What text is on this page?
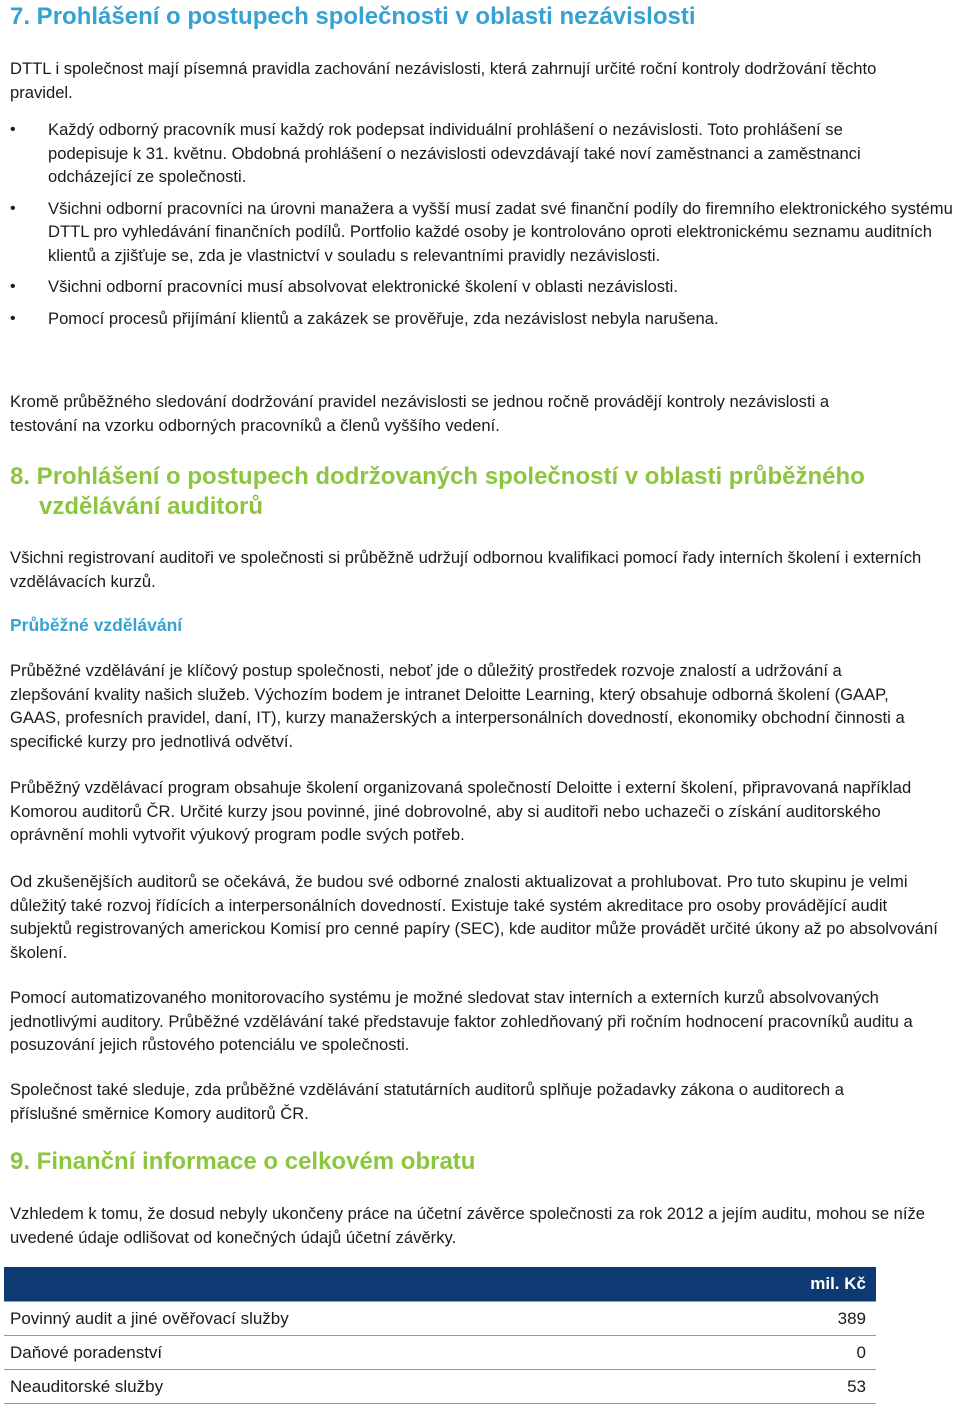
7. Prohlášení o postupech společnosti v oblasti nezávislosti

DTTL i společnost mají písemná pravidla zachování nezávislosti, která zahrnují určité roční kontroly dodržování těchto pravidel.

• Každý odborný pracovník musí každý rok podepsat individuální prohlášení o nezávislosti. Toto prohlášení se podepisuje k 31. květnu. Obdobná prohlášení o nezávislosti odevzdávají také noví zaměstnanci a zaměstnanci odcházející ze společnosti.
• Všichni odborní pracovníci na úrovni manažera a vyšší musí zadat své finanční podíly do firemního elektronického systému DTTL pro vyhledávání finančních podílů. Portfolio každé osoby je kontrolováno oproti elektronickému seznamu auditních klientů a zjišťuje se, zda je vlastnictví v souladu s relevantními pravidly nezávislosti.
• Všichni odborní pracovníci musí absolvovat elektronické školení v oblasti nezávislosti.
• Pomocí procesů přijímání klientů a zakázek se prověřuje, zda nezávislost nebyla narušena.

Kromě průběžného sledování dodržování pravidel nezávislosti se jednou ročně provádějí kontroly nezávislosti a testování na vzorku odborných pracovníků a členů vyššího vedení.

8. Prohlášení o postupech dodržovaných společností v oblasti průběžného
vzdělávání auditorů

Všichni registrovaní auditoři ve společnosti si průběžně udržují odbornou kvalifikaci pomocí řady interních školení i externích vzdělávacích kurzů.

Průběžné vzdělávání

Průběžné vzdělávání je klíčový postup společnosti, neboť jde o důležitý prostředek rozvoje znalostí a udržování a zlepšování kvality našich služeb. Výchozím bodem je intranet Deloitte Learning, který obsahuje odborná školení (GAAP, GAAS, profesních pravidel, daní, IT), kurzy manažerských a interpersonálních dovedností, ekonomiky obchodní činnosti a specifické kurzy pro jednotlivá odvětví.

Průběžný vzdělávací program obsahuje školení organizovaná společností Deloitte i externí školení, připravovaná například Komorou auditorů ČR. Určité kurzy jsou povinné, jiné dobrovolné, aby si auditoři nebo uchazeči o získání auditorského oprávnění mohli vytvořit výukový program podle svých potřeb.

Od zkušenějších auditorů se očekává, že budou své odborné znalosti aktualizovat a prohlubovat. Pro tuto skupinu je velmi důležitý také rozvoj řídících a interpersonálních dovedností. Existuje také systém akreditace pro osoby provádějící audit subjektů registrovaných americkou Komisí pro cenné papíry (SEC), kde auditor může provádět určité úkony až po absolvování školení.

Pomocí automatizovaného monitorovacího systému je možné sledovat stav interních a externích kurzů absolvovaných jednotlivými auditory. Průběžné vzdělávání také představuje faktor zohledňovaný při ročním hodnocení pracovníků auditu a posuzování jejich růstového potenciálu ve společnosti.

Společnost také sleduje, zda průběžné vzdělávání statutárních auditorů splňuje požadavky zákona o auditorech a příslušné směrnice Komory auditorů ČR.

9. Finanční informace o celkovém obratu

Vzhledem k tomu, že dosud nebyly ukončeny práce na účetní závěrce společnosti za rok 2012 a jejím auditu, mohou se níže uvedené údaje odlišovat od konečných údajů účetní závěrky.

mil. Kč	
Povinný audit a jiné ověřovací služby	389
Daňové poradenství	0
Neauditorské služby	53
